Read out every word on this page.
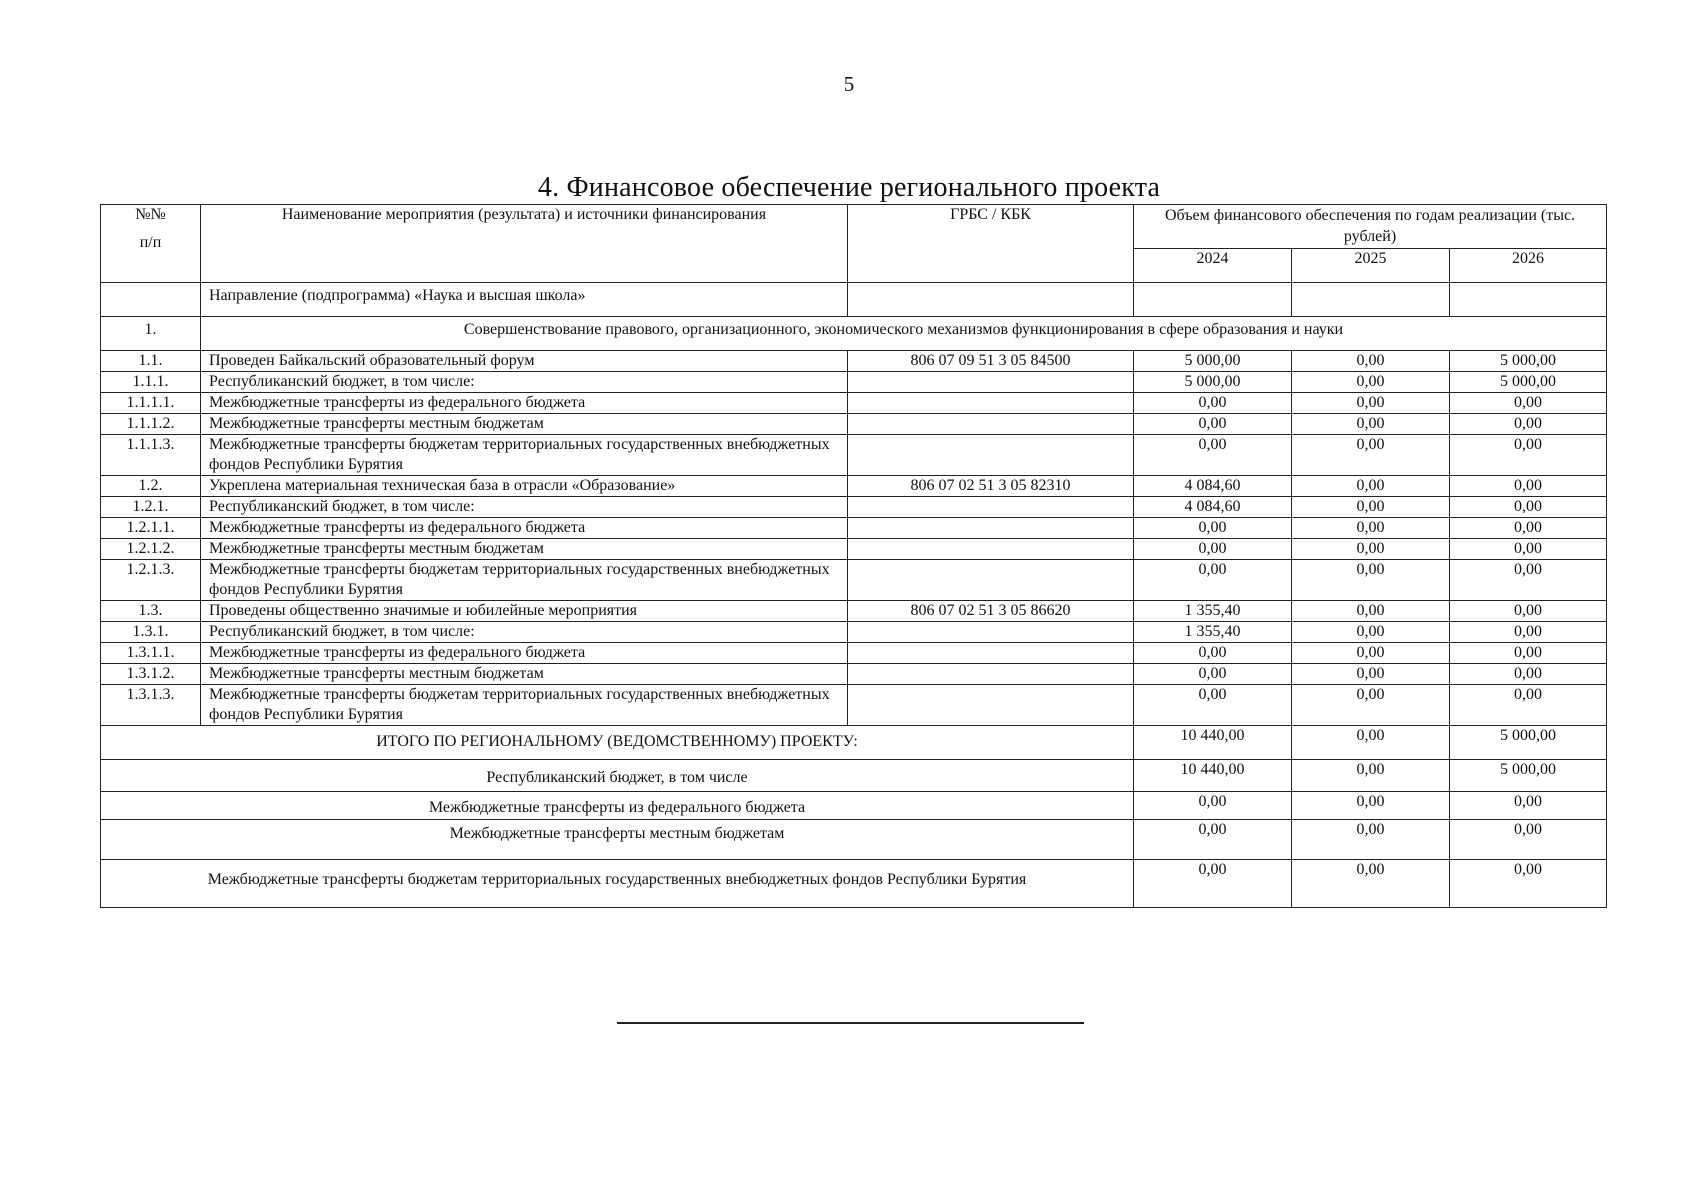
5
4. Финансовое обеспечение регионального проекта
№№
п/п	Наименование мероприятия (результата) и источники финансирования	ГРБС / КБК	Объем финансового обеспечения по годам реализации (тыс. рублей)		
			2024	2025	2026
	Направление (подпрограмма) «Наука и высшая школа»				
1.	Совершенствование правового, организационного, экономического механизмов функционирования в сфере образования и науки				
1.1.	Проведен Байкальский образовательный форум	806 07 09 51 3 05 84500	5 000,00	0,00	5 000,00
1.1.1.	Республиканский бюджет, в том числе:		5 000,00	0,00	5 000,00
1.1.1.1.	Межбюджетные трансферты из федерального бюджета		0,00	0,00	0,00
1.1.1.2.	Межбюджетные трансферты местным бюджетам		0,00	0,00	0,00
1.1.1.3.	Межбюджетные трансферты бюджетам территориальных государственных внебюджетных фондов Республики Бурятия		0,00	0,00	0,00
1.2.	Укреплена материальная техническая база в отрасли «Образование»	806 07 02 51 3 05 82310	4 084,60	0,00	0,00
1.2.1.	Республиканский бюджет, в том числе:		4 084,60	0,00	0,00
1.2.1.1.	Межбюджетные трансферты из федерального бюджета		0,00	0,00	0,00
1.2.1.2.	Межбюджетные трансферты местным бюджетам		0,00	0,00	0,00
1.2.1.3.	Межбюджетные трансферты бюджетам территориальных государственных внебюджетных фондов Республики Бурятия		0,00	0,00	0,00
1.3.	Проведены общественно значимые и юбилейные мероприятия	806 07 02 51 3 05 86620	1 355,40	0,00	0,00
1.3.1.	Республиканский бюджет, в том числе:		1 355,40	0,00	0,00
1.3.1.1.	Межбюджетные трансферты из федерального бюджета		0,00	0,00	0,00
1.3.1.2.	Межбюджетные трансферты местным бюджетам		0,00	0,00	0,00
1.3.1.3.	Межбюджетные трансферты бюджетам территориальных государственных внебюджетных фондов Республики Бурятия		0,00	0,00	0,00
ИТОГО ПО РЕГИОНАЛЬНОМУ (ВЕДОМСТВЕННОМУ) ПРОЕКТУ:			10 440,00	0,00	5 000,00
Республиканский бюджет, в том числе			10 440,00	0,00	5 000,00
Межбюджетные трансферты из федерального бюджета			0,00	0,00	0,00
Межбюджетные трансферты местным бюджетам			0,00	0,00	0,00
Межбюджетные трансферты бюджетам территориальных государственных внебюджетных фондов Республики Бурятия			0,00	0,00	0,00
